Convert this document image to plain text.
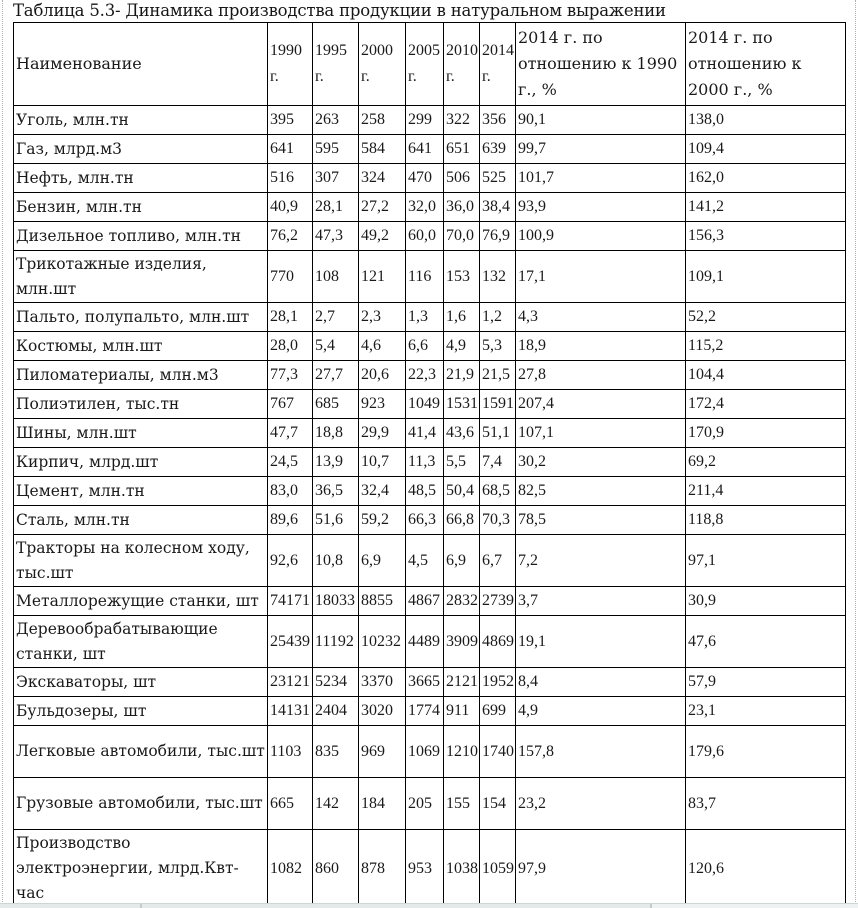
Таблица 5.3- Динамика производства продукции в натуральном выражении
Наименование	1990 г.	1995 г.	2000 г.	2005 г.	2010 г.	2014 г.	2014 г. по отношению к 1990 г., %	2014 г. по отношению к 2000 г., %
Уголь, млн.тн	395	263	258	299	322	356	90,1	138,0
Газ, млрд.м3	641	595	584	641	651	639	99,7	109,4
Нефть, млн.тн	516	307	324	470	506	525	101,7	162,0
Бензин, млн.тн	40,9	28,1	27,2	32,0	36,0	38,4	93,9	141,2
Дизельное топливо, млн.тн	76,2	47,3	49,2	60,0	70,0	76,9	100,9	156,3
Трикотажные изделия, млн.шт	770	108	121	116	153	132	17,1	109,1
Пальто, полупальто, млн.шт	28,1	2,7	2,3	1,3	1,6	1,2	4,3	52,2
Костюмы, млн.шт	28,0	5,4	4,6	6,6	4,9	5,3	18,9	115,2
Пиломатериалы, млн.м3	77,3	27,7	20,6	22,3	21,9	21,5	27,8	104,4
Полиэтилен, тыс.тн	767	685	923	1049	1531	1591	207,4	172,4
Шины, млн.шт	47,7	18,8	29,9	41,4	43,6	51,1	107,1	170,9
Кирпич, млрд.шт	24,5	13,9	10,7	11,3	5,5	7,4	30,2	69,2
Цемент, млн.тн	83,0	36,5	32,4	48,5	50,4	68,5	82,5	211,4
Сталь, млн.тн	89,6	51,6	59,2	66,3	66,8	70,3	78,5	118,8
Тракторы на колесном ходу, тыс.шт	92,6	10,8	6,9	4,5	6,9	6,7	7,2	97,1
Металлорежущие станки, шт	74171	18033	8855	4867	2832	2739	3,7	30,9
Деревообрабатывающие станки, шт	25439	11192	10232	4489	3909	4869	19,1	47,6
Экскаваторы, шт	23121	5234	3370	3665	2121	1952	8,4	57,9
Бульдозеры, шт	14131	2404	3020	1774	911	699	4,9	23,1
Легковые автомобили, тыс.шт	1103	835	969	1069	1210	1740	157,8	179,6
Грузовые автомобили, тыс.шт	665	142	184	205	155	154	23,2	83,7
Производство электроэнергии, млрд.Квт-час	1082	860	878	953	1038	1059	97,9	120,6
